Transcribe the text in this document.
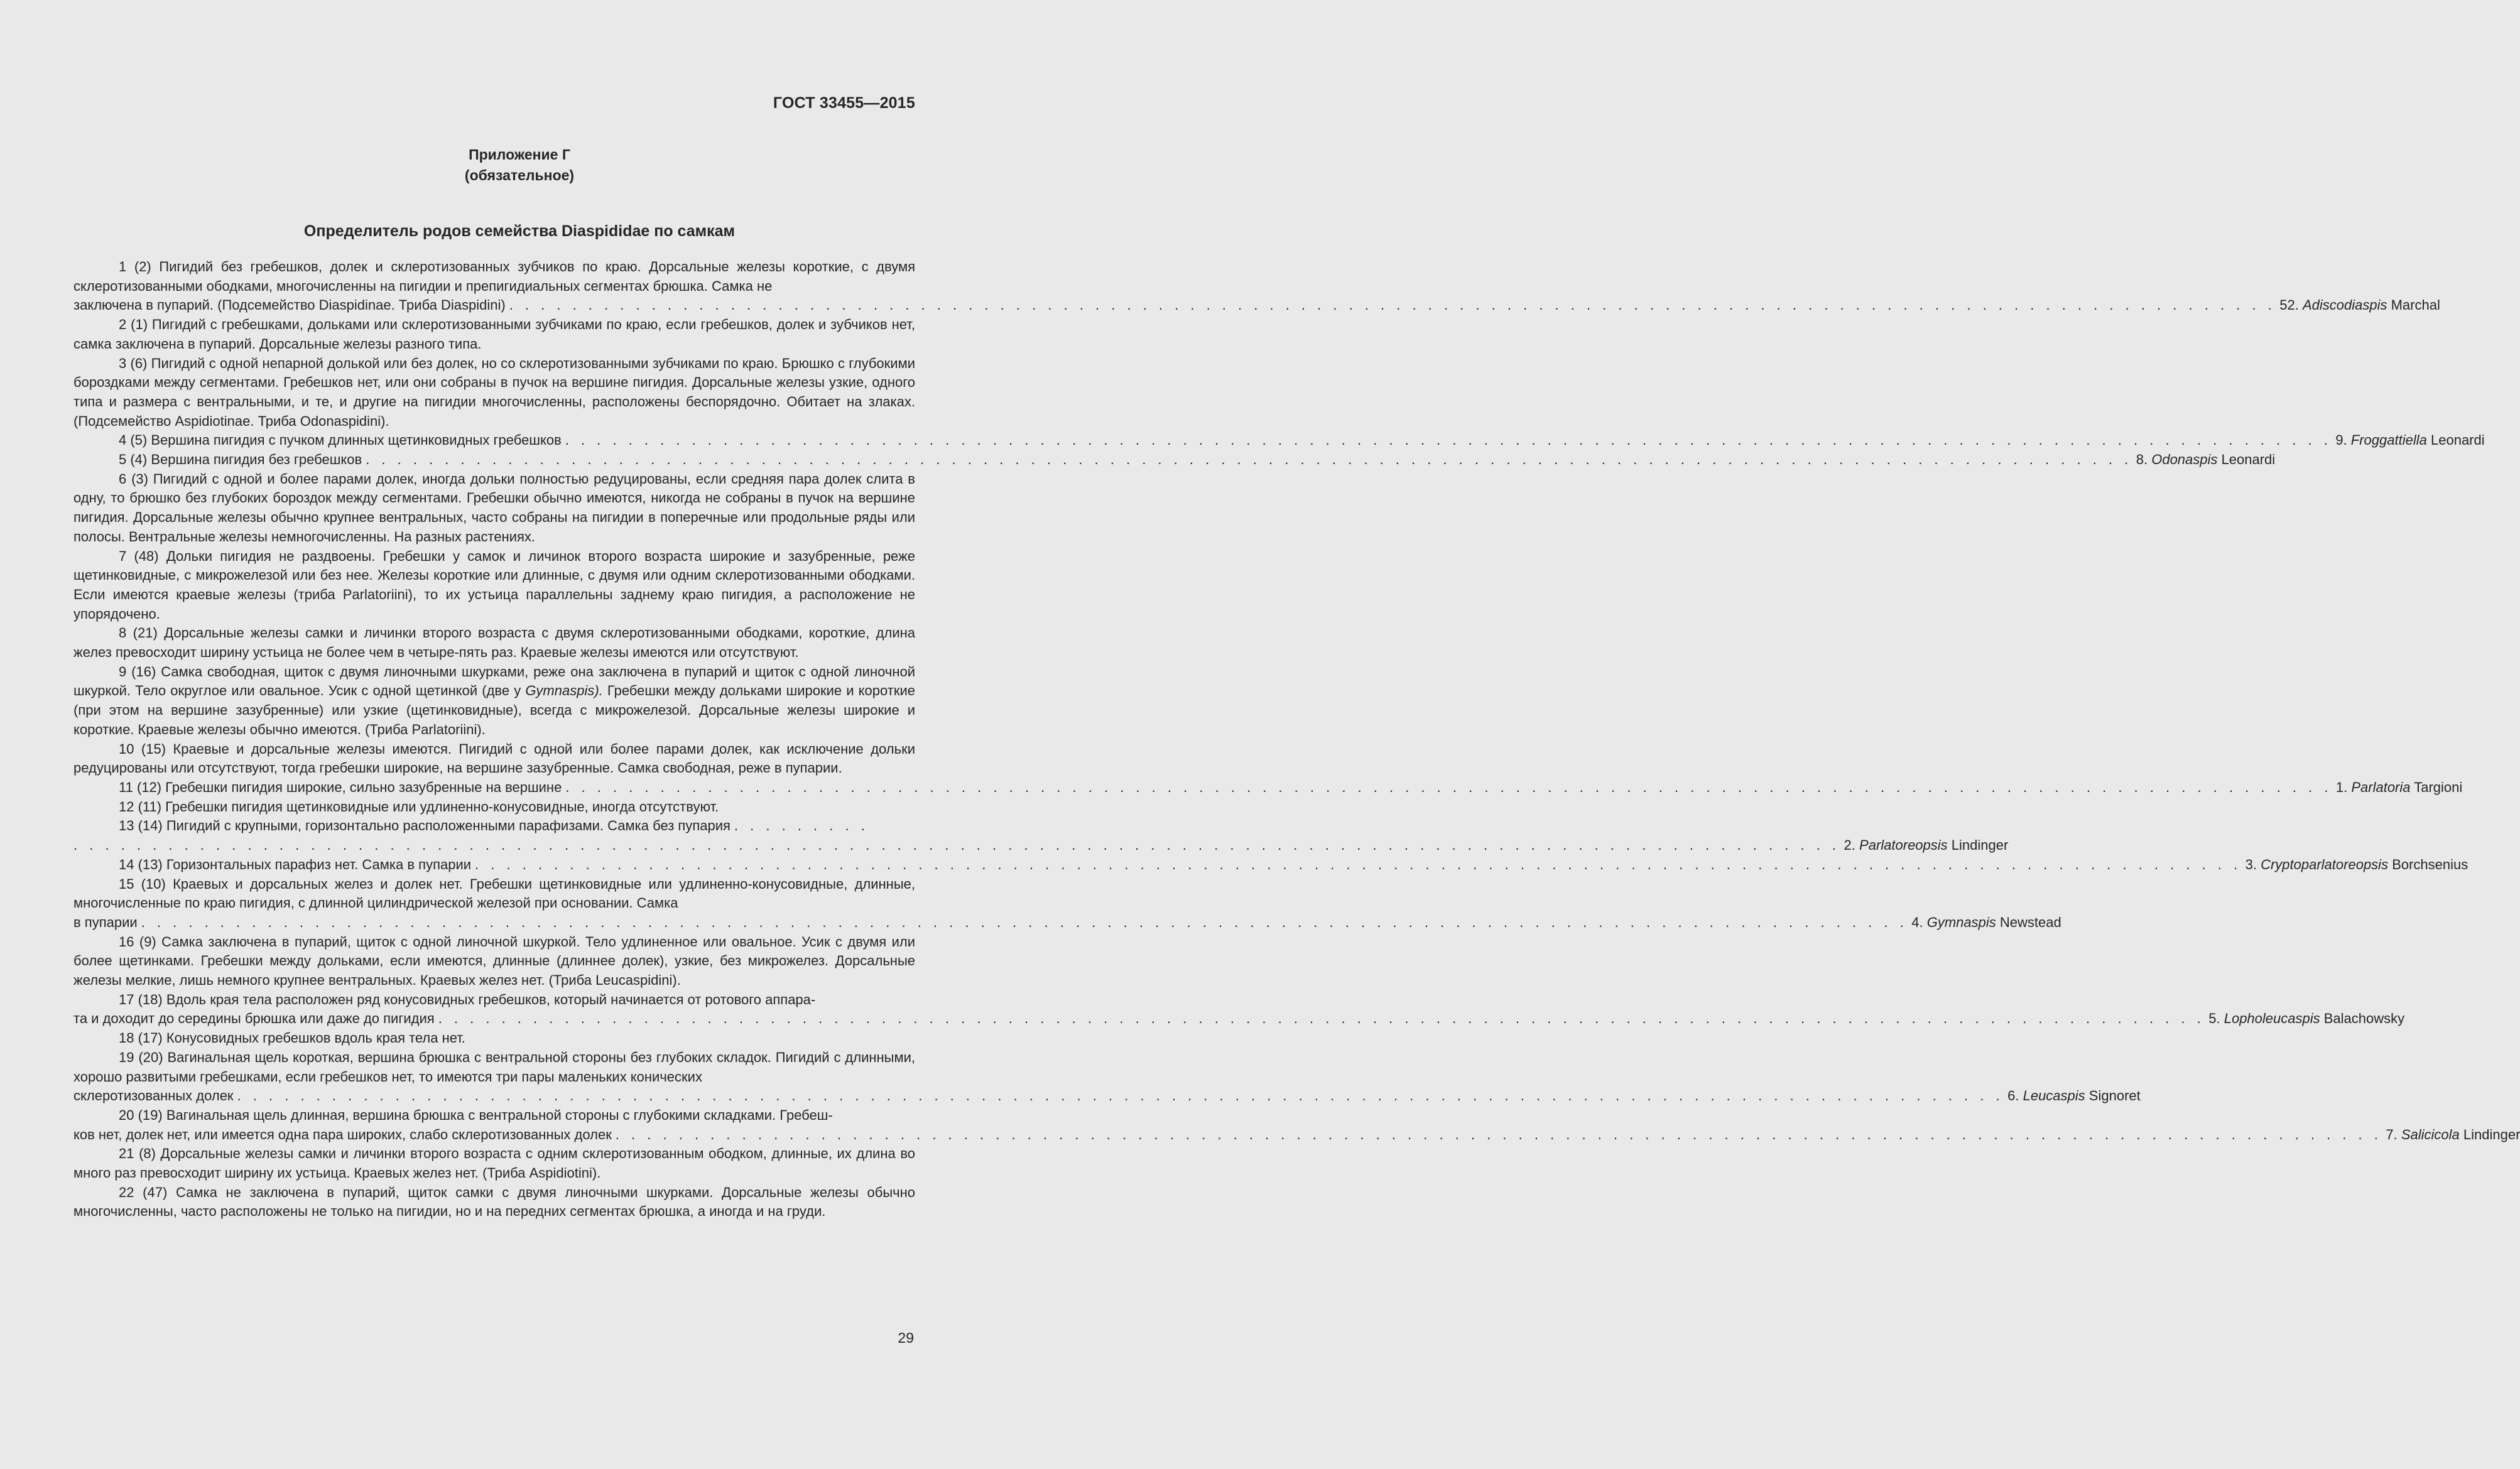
ГОСТ 33455—2015
Приложение Г
(обязательное)
Определитель родов семейства Diaspididae по самкам

1 (2) Пигидий без гребешков, долек и склеротизованных зубчиков по краю. Дорсальные железы короткие, с двумя склеротизованными ободками, многочисленны на пигидии и препигидиальных сегментах брюшка. Самка не

заключена в пупарий. (Подсемейство Diaspidinae. Триба Diaspidini) . . . . . . . . . . . . . . . . . . . . . . . . . . . . . . . . . . . . . . . . . . . . . . . . . . . . . . . . . . . . . . . . . . . . . . . . . . . . . . . . . . . . . . . . . . . . . . . . . . . . . . . . . . . . . . . . 52. Adiscodiaspis Marchal

2 (1) Пигидий с гребешками, дольками или склеротизованными зубчиками по краю, если гребешков, долек и зубчиков нет, самка заключена в пупарий. Дорсальные железы разного типа.

3 (6) Пигидий с одной непарной долькой или без долек, но со склеротизованными зубчиками по краю. Брюшко с глубокими бороздками между сегментами. Гребешков нет, или они собраны в пучок на вершине пигидия. Дорсальные железы узкие, одного типа и размера с вентральными, и те, и другие на пигидии многочисленны, расположены беспорядочно. Обитает на злаках. (Подсемейство Aspidiotinae. Триба Odonaspidini).

4 (5) Вершина пигидия с пучком длинных щетинковидных гребешков . . . . . . . . . . . . . . . . . . . . . . . . . . . . . . . . . . . . . . . . . . . . . . . . . . . . . . . . . . . . . . . . . . . . . . . . . . . . . . . . . . . . . . . . . . . . . . . . . . . . . . . . . . . . . . . . 9. Froggattiella Leonardi
5 (4) Вершина пигидия без гребешков . . . . . . . . . . . . . . . . . . . . . . . . . . . . . . . . . . . . . . . . . . . . . . . . . . . . . . . . . . . . . . . . . . . . . . . . . . . . . . . . . . . . . . . . . . . . . . . . . . . . . . . . . . . . . . . . 8. Odonaspis Leonardi

6 (3) Пигидий с одной и более парами долек, иногда дольки полностью редуцированы, если средняя пара долек слита в одну, то брюшко без глубоких бороздок между сегментами. Гребешки обычно имеются, никогда не собраны в пучок на вершине пигидия. Дорсальные железы обычно крупнее вентральных, часто собраны на пигидии в поперечные или продольные ряды или полосы. Вентральные железы немногочисленны. На разных растениях.

7 (48) Дольки пигидия не раздвоены. Гребешки у самок и личинок второго возраста широкие и зазубренные, реже щетинковидные, с микрожелезой или без нее. Железы короткие или длинные, с двумя или одним склеротизованными ободками. Если имеются краевые железы (триба Parlatoriini), то их устьица параллельны заднему краю пигидия, а расположение не упорядочено.

8 (21) Дорсальные железы самки и личинки второго возраста с двумя склеротизованными ободками, короткие, длина желез превосходит ширину устьица не более чем в четыре-пять раз. Краевые железы имеются или отсутствуют.

9 (16) Самка свободная, щиток с двумя линочными шкурками, реже она заключена в пупарий и щиток с одной линочной шкуркой. Тело округлое или овальное. Усик с одной щетинкой (две у Gymnaspis). Гребешки между дольками широкие и короткие (при этом на вершине зазубренные) или узкие (щетинковидные), всегда с микрожелезой. Дорсальные железы широкие и короткие. Краевые железы обычно имеются. (Триба Parlatoriini).

10 (15) Краевые и дорсальные железы имеются. Пигидий с одной или более парами долек, как исключение дольки редуцированы или отсутствуют, тогда гребешки широкие, на вершине зазубренные. Самка свободная, реже в пупарии.

11 (12) Гребешки пигидия широкие, сильно зазубренные на вершине . . . . . . . . . . . . . . . . . . . . . . . . . . . . . . . . . . . . . . . . . . . . . . . . . . . . . . . . . . . . . . . . . . . . . . . . . . . . . . . . . . . . . . . . . . . . . . . . . . . . . . . . . . . . . . . . 1. Parlatoria Targioni

12 (11) Гребешки пигидия щетинковидные или удлиненно-конусовидные, иногда отсутствуют.

13 (14) Пигидий с крупными, горизонтально расположенными парафизами. Самка без пупария . . . . . . . . .
. . . . . . . . . . . . . . . . . . . . . . . . . . . . . . . . . . . . . . . . . . . . . . . . . . . . . . . . . . . . . . . . . . . . . . . . . . . . . . . . . . . . . . . . . . . . . . . . . . . . . . . . . . . . . . . . 2. Parlatoreopsis Lindinger
14 (13) Горизонтальных парафиз нет. Самка в пупарии . . . . . . . . . . . . . . . . . . . . . . . . . . . . . . . . . . . . . . . . . . . . . . . . . . . . . . . . . . . . . . . . . . . . . . . . . . . . . . . . . . . . . . . . . . . . . . . . . . . . . . . . . . . . . . . . 3. Cryptoparlatoreopsis Borchsenius

15 (10) Краевых и дорсальных желез и долек нет. Гребешки щетинковидные или удлиненно-конусовидные, длинные, многочисленные по краю пигидия, с длинной цилиндрической железой при основании. Самка

в пупарии . . . . . . . . . . . . . . . . . . . . . . . . . . . . . . . . . . . . . . . . . . . . . . . . . . . . . . . . . . . . . . . . . . . . . . . . . . . . . . . . . . . . . . . . . . . . . . . . . . . . . . . . . . . . . . . . 4. Gymnaspis Newstead

16 (9) Самка заключена в пупарий, щиток с одной линочной шкуркой. Тело удлиненное или овальное. Усик с двумя или более щетинками. Гребешки между дольками, если имеются, длинные (длиннее долек), узкие, без микрожелез. Дорсальные железы мелкие, лишь немного крупнее вентральных. Краевых желез нет. (Триба Leucaspidini).

17 (18) Вдоль края тела расположен ряд конусовидных гребешков, который начинается от ротового аппара-

та и доходит до середины брюшка или даже до пигидия . . . . . . . . . . . . . . . . . . . . . . . . . . . . . . . . . . . . . . . . . . . . . . . . . . . . . . . . . . . . . . . . . . . . . . . . . . . . . . . . . . . . . . . . . . . . . . . . . . . . . . . . . . . . . . . . 5. Lopholeucaspis Balachowsky

18 (17) Конусовидных гребешков вдоль края тела нет.

19 (20) Вагинальная щель короткая, вершина брюшка с вентральной стороны без глубоких складок. Пигидий с длинными, хорошо развитыми гребешками, если гребешков нет, то имеются три пары маленьких конических

склеротизованных долек . . . . . . . . . . . . . . . . . . . . . . . . . . . . . . . . . . . . . . . . . . . . . . . . . . . . . . . . . . . . . . . . . . . . . . . . . . . . . . . . . . . . . . . . . . . . . . . . . . . . . . . . . . . . . . . . 6. Leucaspis Signoret

20 (19) Вагинальная щель длинная, вершина брюшка с вентральной стороны с глубокими складками. Гребеш-

ков нет, долек нет, или имеется одна пара широких, слабо склеротизованных долек . . . . . . . . . . . . . . . . . . . . . . . . . . . . . . . . . . . . . . . . . . . . . . . . . . . . . . . . . . . . . . . . . . . . . . . . . . . . . . . . . . . . . . . . . . . . . . . . . . . . . . . . . . . . . . . . 7. Salicicola Lindinger

21 (8) Дорсальные железы самки и личинки второго возраста с одним склеротизованным ободком, длинные, их длина во много раз превосходит ширину их устьица. Краевых желез нет. (Триба Aspidiotini).

22 (47) Самка не заключена в пупарий, щиток самки с двумя линочными шкурками. Дорсальные железы обычно многочисленны, часто расположены не только на пигидии, но и на передних сегментах брюшка, а иногда и на груди.

29
